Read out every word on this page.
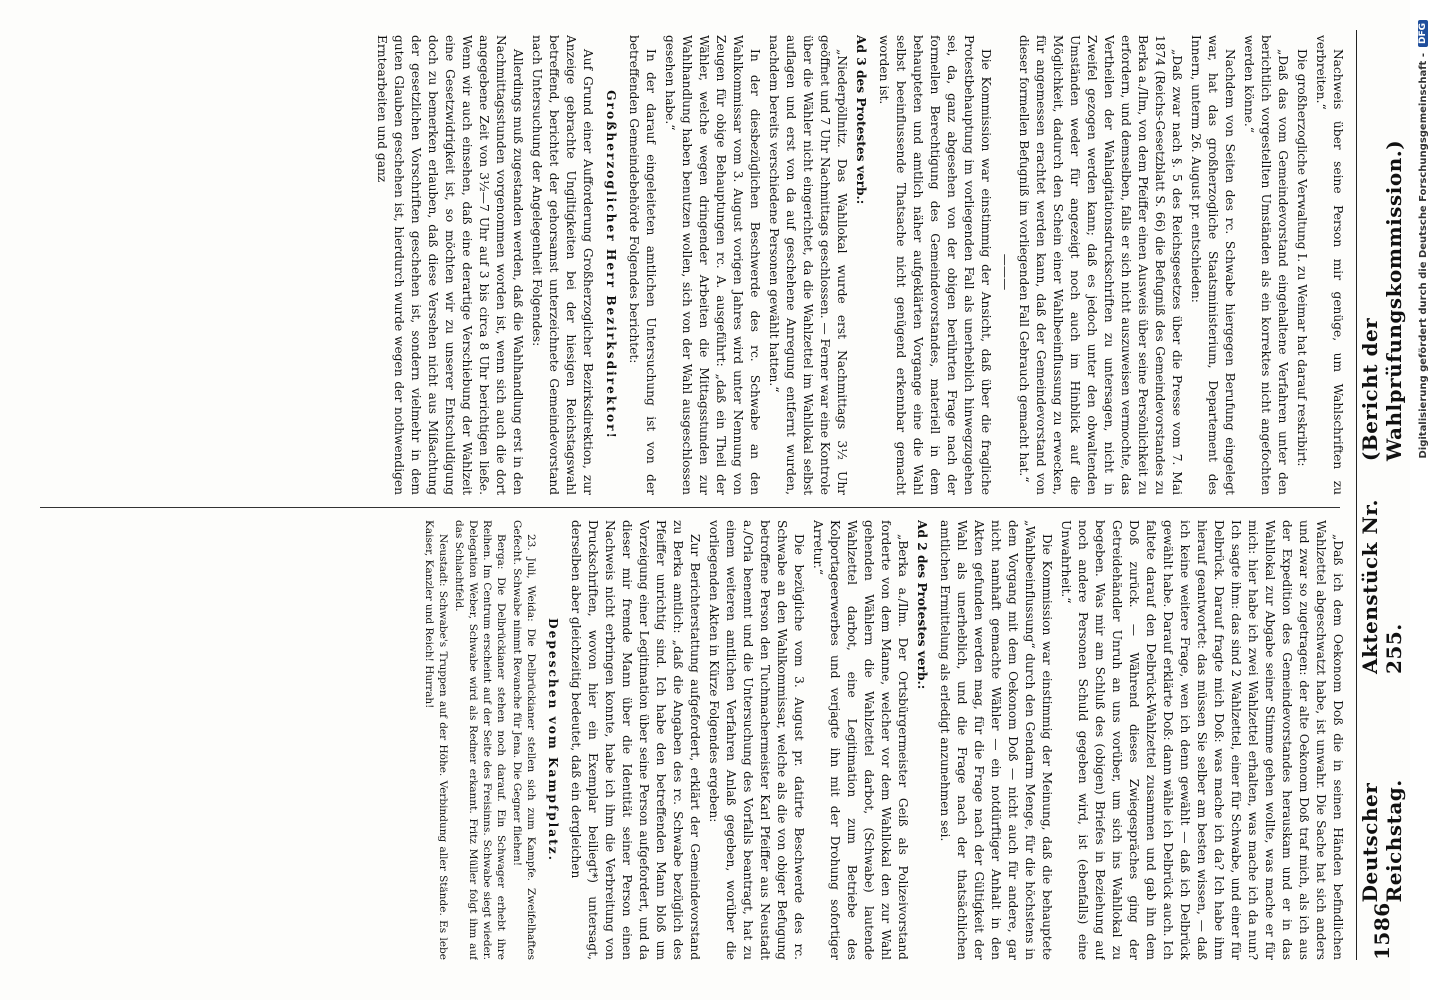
1586
Deutscher Reichstag.
Aktenstück Nr. 255.
(Bericht der Wahlprüfungskommission.)

„Daß ich dem Oekonom Doß die in seinen Händen befindlichen Wahlzettel abgeschwatzt habe, ist unwahr. Die Sache hat sich anders und zwar so zugetragen: der alte Oekonom Doß traf mich, als ich aus der Expedition des Gemeindevorstandes herauskam und er in das Wahllokal zur Abgabe seiner Stimme gehen wollte, was mache er für mich: hier habe ich zwei Wahlzettel erhalten, was mache ich da nun? Ich sagte ihm: das sind 2 Wahlzettel, einer für Schwabe, und einer für Delbrück. Darauf fragte mich Doß: was mache ich da? Ich habe ihm hierauf geantwortet: das müssen Sie selber am besten wissen, — daß ich keine weitere Frage, wen ich denn gewählt — daß ich Delbrück gewählt habe. Darauf erklärte Doß: dann wähle ich Delbrück auch. Ich faltete darauf den Delbrück-Wahlzettel zusammen und gab ihn dem Doß zurück. — Während dieses Zwiegespräches ging der Getreidehändler Unruh an uns vorüber, um sich ins Wahllokal zu begeben. Was mir am Schluß des (obigen) Briefes in Beziehung auf noch andere Personen Schuld gegeben wird, ist (ebenfalls) eine Unwahrheit.“

Die Kommission war einstimmig der Meinung, daß die behauptete „Wahlbeeinflussung“ durch den Gendarm Menge, für die höchstens in dem Vorgang mit dem Oekonom Doß — nicht auch für andere, gar nicht namhaft gemachte Wähler — ein notdürftiger Anhalt in den Akten gefunden werden mag, für die Frage nach der Gültigkeit der Wahl als unerheblich, und die Frage nach der thatsächlichen amtlichen Ermittelung als erledigt anzunehmen sei.

Ad 2 des Protestes verb.:

„Berka a./Ilm. Der Ortsbürgermeister Geiß als Polizeivorstand forderte von dem Manne, welcher vor dem Wahllokal den zur Wahl gehenden Wählern die Wahlzettel darbot, (Schwabe) lautende Wahlzettel darbot, eine Legitimation zum Betriebe des Kolportageerwerbes und verjagte ihn mit der Drohung sofortiger Arretur.“

Die bezügliche vom 3. August pr. datirte Beschwerde des rc. Schwabe an den Wahlkommissar, welche als die von obiger Befugung betroffene Person den Tuchmachermeister Karl Pfeiffer aus Neustadt a./Orla benennt und die Untersuchung des Vorfalls beantragt, hat zu einem weiteren amtlichen Verfahren Anlaß gegeben, worüber die vorliegenden Akten in Kürze Folgendes ergeben:

Zur Berichterstattung aufgefordert, erklärt der Gemeindevorstand zu Berka amtlich: „daß die Angaben des rc. Schwabe bezüglich des Pfeiffer unrichtig sind. Ich habe den betreffenden Mann bloß um Vorzeigung einer Legitimation über seine Person aufgefordert, und da dieser mir fremde Mann über die Identität seiner Person einen Nachweis nicht erbringen konnte, habe ich ihm die Verbreitung von Druckschriften, wovon hier ein Exemplar beiliegt*) untersagt, derselben aber gleichzeitig bedeutet, daß ein dergleichen

Depeschen vom Kampfplatz.

23. Juli, Weida: Die Delbrückianer stellen sich zum Kampfe. Zweifelhaftes Gefecht. Schwabe nimmt Revanche für Jena. Die Gegner fliehen!

Berga: Die Delbrückianer stehen noch darauf. Ein Schwager erhebt ihre Reihen. Im Centrum erscheint auf der Seite des Freisinns. Schwabe siegt wieder. Delegation Weber, Schwabe wird als Redner erkannt. Fritz Müller folgt ihm auf das Schlachtfeld.

Neustadt: Schwabe's Truppen auf der Höhe. Verbindung aller Stände. Es lebe Kaiser, Kanzler und Reich! Hurrah!

Nachweis über seine Person mir genüge, um Wahlschriften zu verbreiten.“

Die großherzogliche Verwaltung I. zu Weimar hat darauf reskribirt:

„Daß das vom Gemeindevorstand eingehaltene Verfahren unter den berichtlich vorgestellten Umständen als ein korrektes nicht angefochten werden könne.“

Nachdem von Seiten des rc. Schwabe hiergegen Berufung eingelegt war, hat das großherzogliche Staatsministerium, Departement des Innern, unterm 26. August pr. entschieden:

„Daß zwar nach §. 5 des Reichsgesetzes über die Presse vom 7. Mai 1874 (Reichs-Gesetzblatt S. 66) die Befugniß des Gemeindevorstandes zu Berka a./Ilm, von dem Pfeiffer einen Ausweis über seine Persönlichkeit zu erfordern, und demselben, falls er sich nicht auszuweisen vermochte, das Vertheilen der Wahlagitationsdruckschriften zu untersagen, nicht in Zweifel gezogen werden kann; daß es jedoch unter den obwaltenden Umständen weder für angezeigt noch auch im Hinblick auf die Möglichkeit, dadurch den Schein einer Wahlbeeinflussung zu erwecken, für angemessen erachtet werden kann, daß der Gemeindevorstand von dieser formellen Befugniß im vorliegenden Fall Gebrauch gemacht hat.“

———

Die Kommission war einstimmig der Ansicht, daß über die fragliche Protestbehauptung im vorliegenden Fall als unerheblich hinwegzugehen sei, da, ganz abgesehen von der obigen berührten Frage nach der formellen Berechtigung des Gemeindevorstandes, materiell in dem behaupteten und amtlich näher aufgeklärten Vorgange eine die Wahl selbst beeinflussende Thatsache nicht genügend erkennbar gemacht worden ist.

Ad 3 des Protestes verb.:

„Niederpöllnitz. Das Wahllokal wurde erst Nachmittags 3½ Uhr geöffnet und 7 Uhr Nachmittags geschlossen. — Ferner war eine Kontrole über die Wähler nicht eingerichtet, da die Wahlzettel im Wahllokal selbst auflagen und erst von da auf geschehene Anregung entfernt wurden, nachdem bereits verschiedene Personen gewählt hatten.“

In der diesbezüglichen Beschwerde des rc. Schwabe an den Wahlkommissar vom 3. August vorigen Jahres wird unter Nennung von Zeugen für obige Behauptungen rc. A. ausgeführt: „daß ein Theil der Wähler, welche wegen dringender Arbeiten die Mittagsstunden zur Wahlhandlung haben benutzen wollen, sich von der Wahl ausgeschlossen gesehen habe.“

In der darauf eingeleiteten amtlichen Untersuchung ist von der betreffenden Gemeindebehörde Folgendes berichtet:

Großherzoglicher Herr Bezirksdirektor!

Auf Grund einer Aufforderung Großherzoglicher Bezirksdirektion, zur Anzeige gebrachte Ungiltigkeiten bei der hiesigen Reichstagswahl betreffend, berichtet der gehorsamst unterzeichnete Gemeindevorstand nach Untersuchung der Angelegenheit Folgendes:

Allerdings muß zugestanden werden, daß die Wahlhandlung erst in den Nachmittagsstunden vorgenommen worden ist, wenn sich auch die dort angegebene Zeit von 3½—7 Uhr auf 3 bis circa 8 Uhr berichtigen ließe. Wenn wir auch einsehen, daß eine derartige Verschiebung der Wahlzeit eine Gesetzwidrigkeit ist, so möchten wir zu unserer Entschuldigung doch zu bemerken erlauben, daß diese Versehen nicht aus Mißachtung der gesetzlichen Vorschriften geschehen ist, sondern vielmehr in dem guten Glauben geschehen ist, hierdurch wurde wegen der nothwendigen Erntearbeiten und ganz	Digitalisierung gefördert durch die Deutsche Forschungsgemeinschaft -
DFG
